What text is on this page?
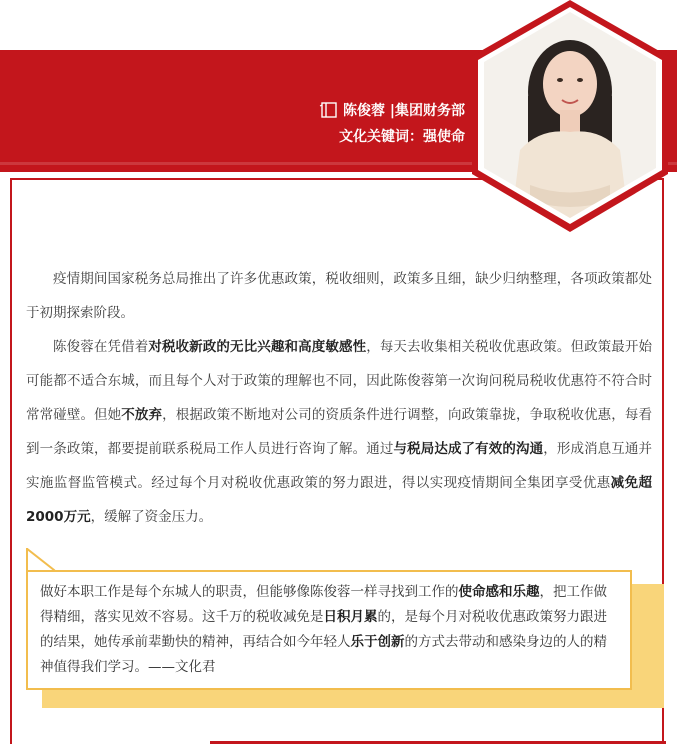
陈俊蓉 |集团财务部
文化关键词：强使命

疫情期间国家税务总局推出了许多优惠政策，税收细则，政策多且细，缺少归纳整理，各项政策都处于初期探索阶段。

陈俊蓉在凭借着对税收新政的无比兴趣和高度敏感性，每天去收集相关税收优惠政策。但政策最开始可能都不适合东城，而且每个人对于政策的理解也不同，因此陈俊蓉第一次询问税局税收优惠符不符合时常常碰壁。但她不放弃，根据政策不断地对公司的资质条件进行调整，向政策靠拢，争取税收优惠，每看到一条政策，都要提前联系税局工作人员进行咨询了解。通过与税局达成了有效的沟通，形成消息互通并实施监督监管模式。经过每个月对税收优惠政策的努力跟进，得以实现疫情期间全集团享受优惠减免超2000万元，缓解了资金压力。

做好本职工作是每个东城人的职责，但能够像陈俊蓉一样寻找到工作的使命感和乐趣，把工作做得精细，落实见效不容易。这千万的税收减免是日积月累的，是每个月对税收优惠政策努力跟进的结果，她传承前辈勤快的精神，再结合如今年轻人乐于创新的方式去带动和感染身边的人的精神值得我们学习。——文化君
